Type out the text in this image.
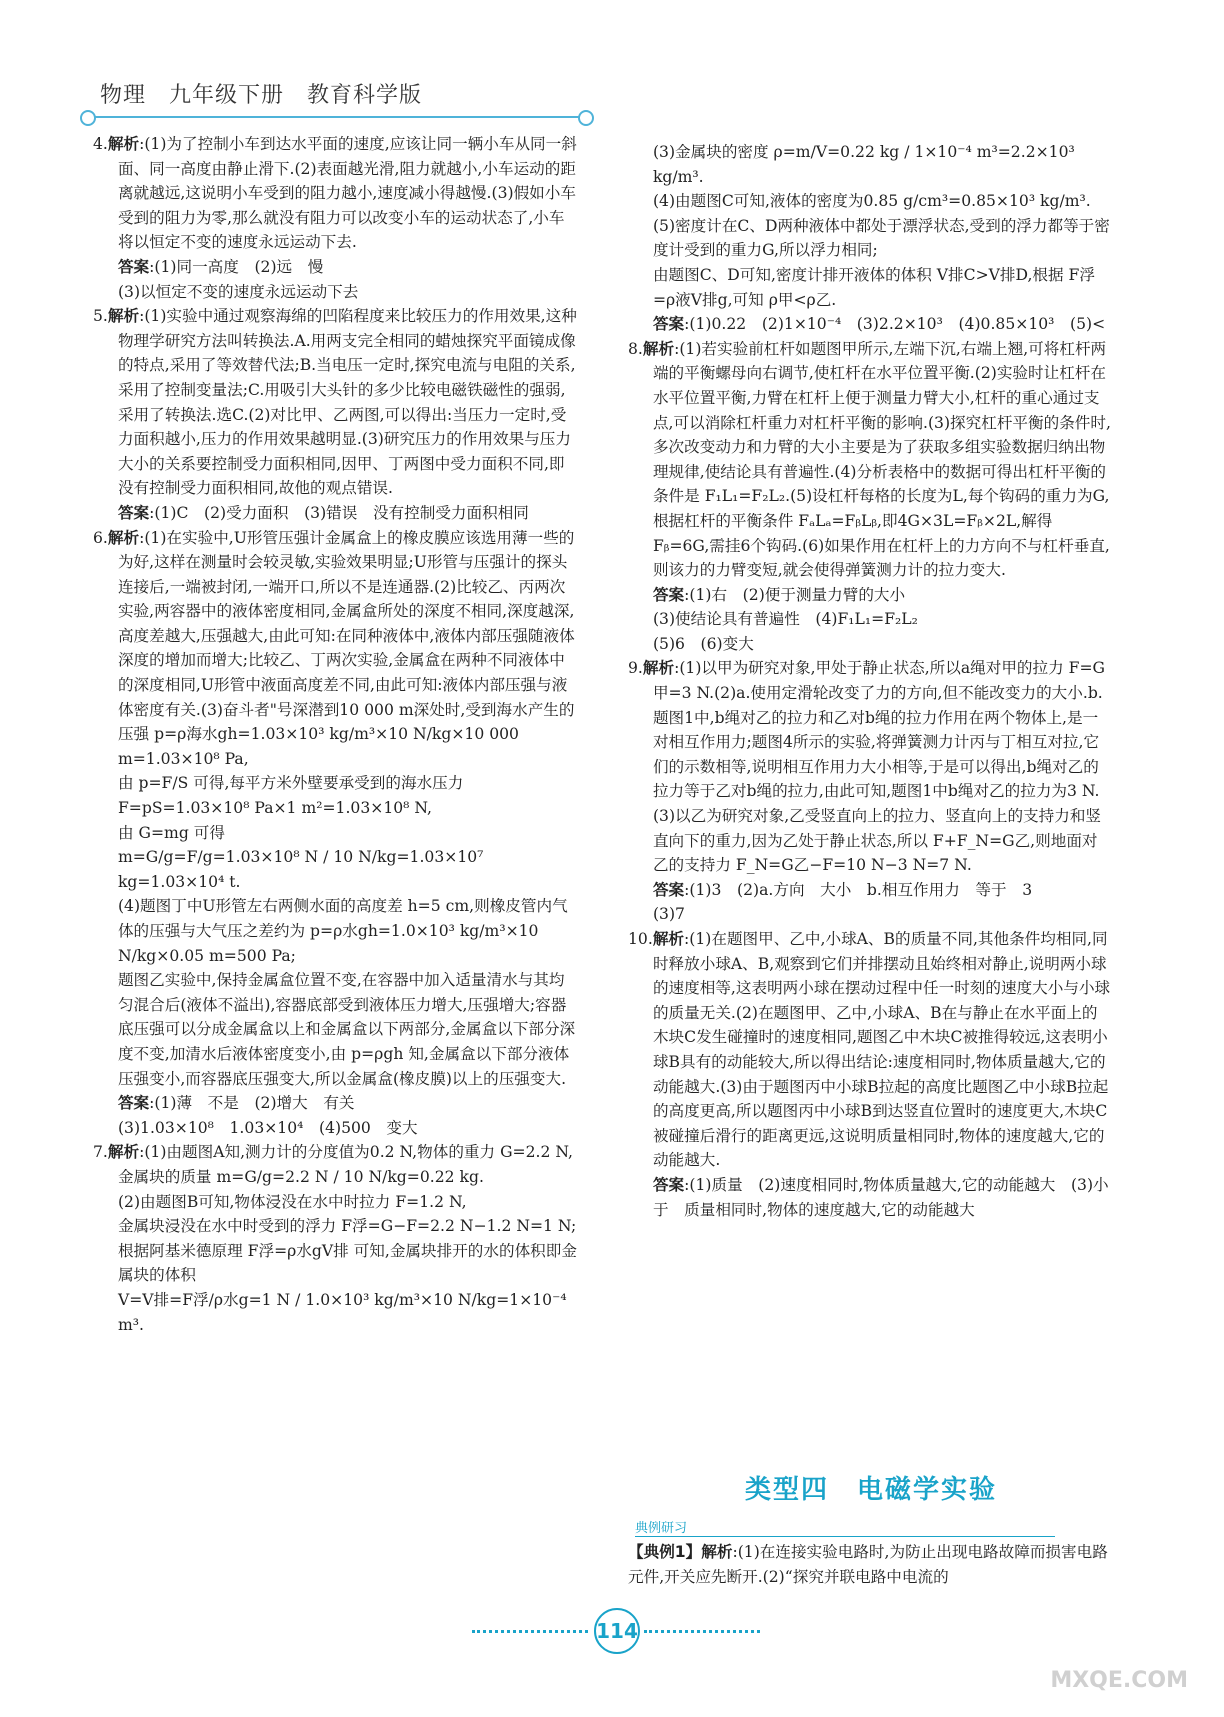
物理　九年级下册　教育科学版
4.解析:(1)为了控制小车到达水平面的速度,应该让同一辆小车从同一斜面、同一高度由静止滑下.(2)表面越光滑,阻力就越小,小车运动的距离就越远,这说明小车受到的阻力越小,速度减小得越慢.(3)假如小车受到的阻力为零,那么就没有阻力可以改变小车的运动状态了,小车将以恒定不变的速度永远运动下去.
答案:(1)同一高度　(2)远　慢
(3)以恒定不变的速度永远运动下去
5.解析:(1)实验中通过观察海绵的凹陷程度来比较压力的作用效果,这种物理学研究方法叫转换法.A.用两支完全相同的蜡烛探究平面镜成像的特点,采用了等效替代法;B.当电压一定时,探究电流与电阻的关系,采用了控制变量法;C.用吸引大头针的多少比较电磁铁磁性的强弱,采用了转换法.选C.(2)对比甲、乙两图,可以得出:当压力一定时,受力面积越小,压力的作用效果越明显.(3)研究压力的作用效果与压力大小的关系要控制受力面积相同,因甲、丁两图中受力面积不同,即没有控制受力面积相同,故他的观点错误.
答案:(1)C　(2)受力面积　(3)错误　没有控制受力面积相同
6.解析:(1)在实验中,U形管压强计金属盒上的橡皮膜应该选用薄一些的为好,这样在测量时会较灵敏,实验效果明显;U形管与压强计的探头连接后,一端被封闭,一端开口,所以不是连通器.(2)比较乙、丙两次实验,两容器中的液体密度相同,金属盒所处的深度不相同,深度越深,高度差越大,压强越大,由此可知:在同种液体中,液体内部压强随液体深度的增加而增大;比较乙、丁两次实验,金属盒在两种不同液体中的深度相同,U形管中液面高度差不同,由此可知:液体内部压强与液体密度有关.(3)奋斗者"号深潜到10 000 m深处时,受到海水产生的压强 p=ρ海水gh=1.03×10³ kg/m³×10 N/kg×10 000 m=1.03×10⁸ Pa,
由 p=F/S 可得,每平方米外壁要承受到的海水压力
F=pS=1.03×10⁸ Pa×1 m²=1.03×10⁸ N,
由 G=mg 可得
m=G/g=F/g=1.03×10⁸ N / 10 N/kg=1.03×10⁷ kg=1.03×10⁴ t.
(4)题图丁中U形管左右两侧水面的高度差 h=5 cm,则橡皮管内气体的压强与大气压之差约为 p=ρ水gh=1.0×10³ kg/m³×10 N/kg×0.05 m=500 Pa;
题图乙实验中,保持金属盒位置不变,在容器中加入适量清水与其均匀混合后(液体不溢出),容器底部受到液体压力增大,压强增大;容器底压强可以分成金属盒以上和金属盒以下两部分,金属盒以下部分深度不变,加清水后液体密度变小,由 p=ρgh 知,金属盒以下部分液体压强变小,而容器底压强变大,所以金属盒(橡皮膜)以上的压强变大.
答案:(1)薄　不是　(2)增大　有关
(3)1.03×10⁸　1.03×10⁴　(4)500　变大
7.解析:(1)由题图A知,测力计的分度值为0.2 N,物体的重力 G=2.2 N,
金属块的质量 m=G/g=2.2 N / 10 N/kg=0.22 kg.
(2)由题图B可知,物体浸没在水中时拉力 F=1.2 N,
金属块浸没在水中时受到的浮力 F浮=G−F=2.2 N−1.2 N=1 N;
根据阿基米德原理 F浮=ρ水gV排 可知,金属块排开的水的体积即金属块的体积
V=V排=F浮/ρ水g=1 N / 1.0×10³ kg/m³×10 N/kg=1×10⁻⁴ m³.
(3)金属块的密度 ρ=m/V=0.22 kg / 1×10⁻⁴ m³=2.2×10³ kg/m³.
(4)由题图C可知,液体的密度为0.85 g/cm³=0.85×10³ kg/m³.
(5)密度计在C、D两种液体中都处于漂浮状态,受到的浮力都等于密度计受到的重力G,所以浮力相同;
由题图C、D可知,密度计排开液体的体积 V排C>V排D,根据 F浮=ρ液V排g,可知 ρ甲<ρ乙.
答案:(1)0.22　(2)1×10⁻⁴　(3)2.2×10³　(4)0.85×10³　(5)<
8.解析:(1)若实验前杠杆如题图甲所示,左端下沉,右端上翘,可将杠杆两端的平衡螺母向右调节,使杠杆在水平位置平衡.(2)实验时让杠杆在水平位置平衡,力臂在杠杆上便于测量力臂大小,杠杆的重心通过支点,可以消除杠杆重力对杠杆平衡的影响.(3)探究杠杆平衡的条件时,多次改变动力和力臂的大小主要是为了获取多组实验数据归纳出物理规律,使结论具有普遍性.(4)分析表格中的数据可得出杠杆平衡的条件是 F₁L₁=F₂L₂.(5)设杠杆每格的长度为L,每个钩码的重力为G,根据杠杆的平衡条件 FₐLₐ=FᵦLᵦ,即4G×3L=Fᵦ×2L,解得 Fᵦ=6G,需挂6个钩码.(6)如果作用在杠杆上的力方向不与杠杆垂直,则该力的力臂变短,就会使得弹簧测力计的拉力变大.
答案:(1)右　(2)便于测量力臂的大小
(3)使结论具有普遍性　(4)F₁L₁=F₂L₂
(5)6　(6)变大
9.解析:(1)以甲为研究对象,甲处于静止状态,所以a绳对甲的拉力 F=G甲=3 N.(2)a.使用定滑轮改变了力的方向,但不能改变力的大小.b.题图1中,b绳对乙的拉力和乙对b绳的拉力作用在两个物体上,是一对相互作用力;题图4所示的实验,将弹簧测力计丙与丁相互对拉,它们的示数相等,说明相互作用力大小相等,于是可以得出,b绳对乙的拉力等于乙对b绳的拉力,由此可知,题图1中b绳对乙的拉力为3 N.(3)以乙为研究对象,乙受竖直向上的拉力、竖直向上的支持力和竖直向下的重力,因为乙处于静止状态,所以 F+F_N=G乙,则地面对乙的支持力 F_N=G乙−F=10 N−3 N=7 N.
答案:(1)3　(2)a.方向　大小　b.相互作用力　等于　3
(3)7
10.解析:(1)在题图甲、乙中,小球A、B的质量不同,其他条件均相同,同时释放小球A、B,观察到它们并排摆动且始终相对静止,说明两小球的速度相等,这表明两小球在摆动过程中任一时刻的速度大小与小球的质量无关.(2)在题图甲、乙中,小球A、B在与静止在水平面上的木块C发生碰撞时的速度相同,题图乙中木块C被推得较远,这表明小球B具有的动能较大,所以得出结论:速度相同时,物体质量越大,它的动能越大.(3)由于题图丙中小球B拉起的高度比题图乙中小球B拉起的高度更高,所以题图丙中小球B到达竖直位置时的速度更大,木块C被碰撞后滑行的距离更远,这说明质量相同时,物体的速度越大,它的动能越大.
答案:(1)质量　(2)速度相同时,物体质量越大,它的动能越大　(3)小于　质量相同时,物体的速度越大,它的动能越大
类型四　电磁学实验
典例研习
【典例1】解析:(1)在连接实验电路时,为防止出现电路故障而损害电路元件,开关应先断开.(2)“探究并联电路中电流的
114
MXQE.COM
